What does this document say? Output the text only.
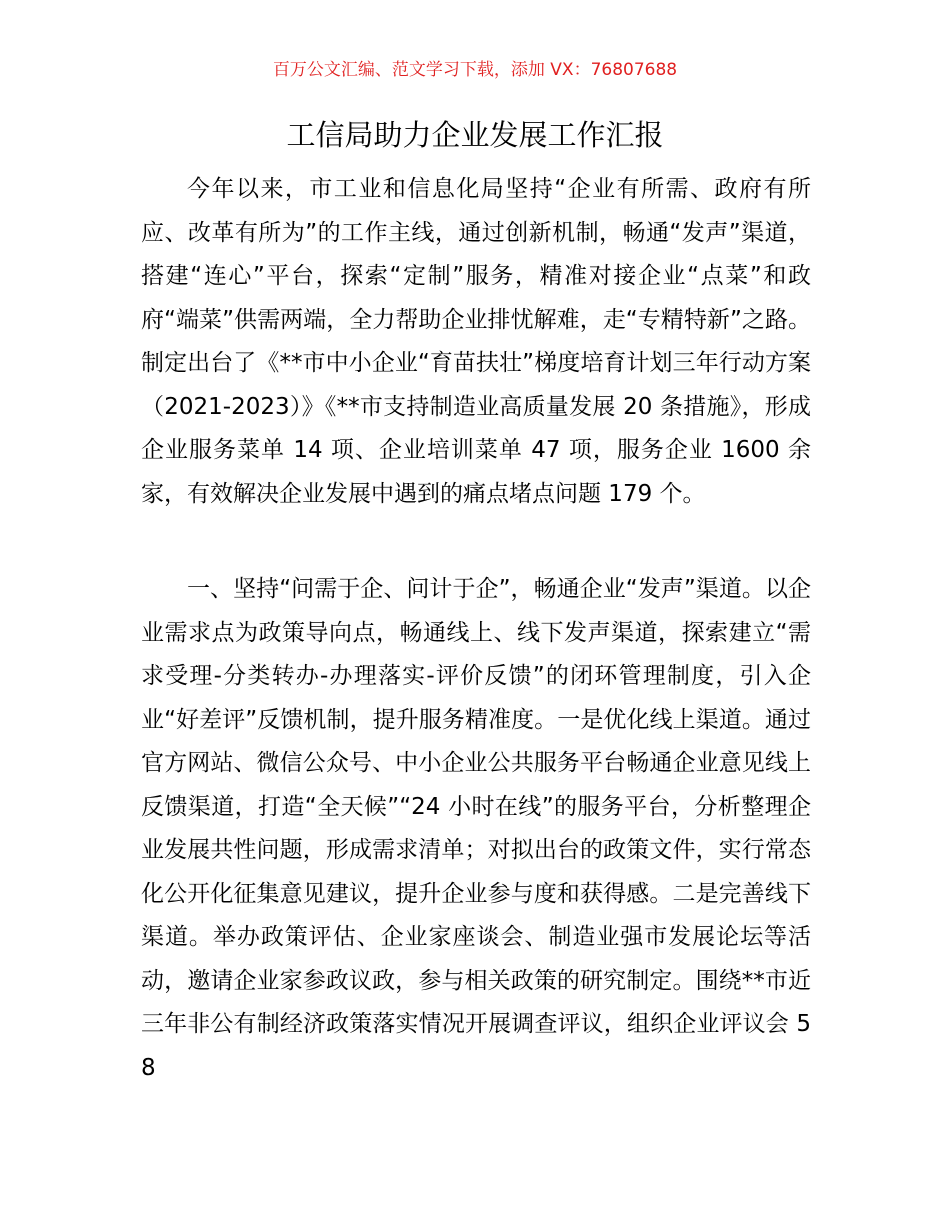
百万公文汇编、范文学习下载，添加 VX：76807688
工信局助力企业发展工作汇报

今年以来，市工业和信息化局坚持“企业有所需、政府有所应、改革有所为”的工作主线，通过创新机制，畅通“发声”渠道，搭建“连心”平台，探索“定制”服务，精准对接企业“点菜”和政府“端菜”供需两端，全力帮助企业排忧解难，走“专精特新”之路。制定出台了《**市中小企业“育苗扶壮”梯度培育计划三年行动方案（2021-2023）》《**市支持制造业高质量发展 20 条措施》，形成企业服务菜单 14 项、企业培训菜单 47 项，服务企业 1600 余家，有效解决企业发展中遇到的痛点堵点问题 179 个。

一、坚持“问需于企、问计于企”，畅通企业“发声”渠道。以企业需求点为政策导向点，畅通线上、线下发声渠道，探索建立“需求受理-分类转办-办理落实-评价反馈”的闭环管理制度，引入企业“好差评”反馈机制，提升服务精准度。一是优化线上渠道。通过官方网站、微信公众号、中小企业公共服务平台畅通企业意见线上反馈渠道，打造“全天候”“24 小时在线”的服务平台，分析整理企业发展共性问题，形成需求清单；对拟出台的政策文件，实行常态化公开化征集意见建议，提升企业参与度和获得感。二是完善线下渠道。举办政策评估、企业家座谈会、制造业强市发展论坛等活动，邀请企业家参政议政，参与相关政策的研究制定。围绕**市近三年非公有制经济政策落实情况开展调查评议，组织企业评议会 58
